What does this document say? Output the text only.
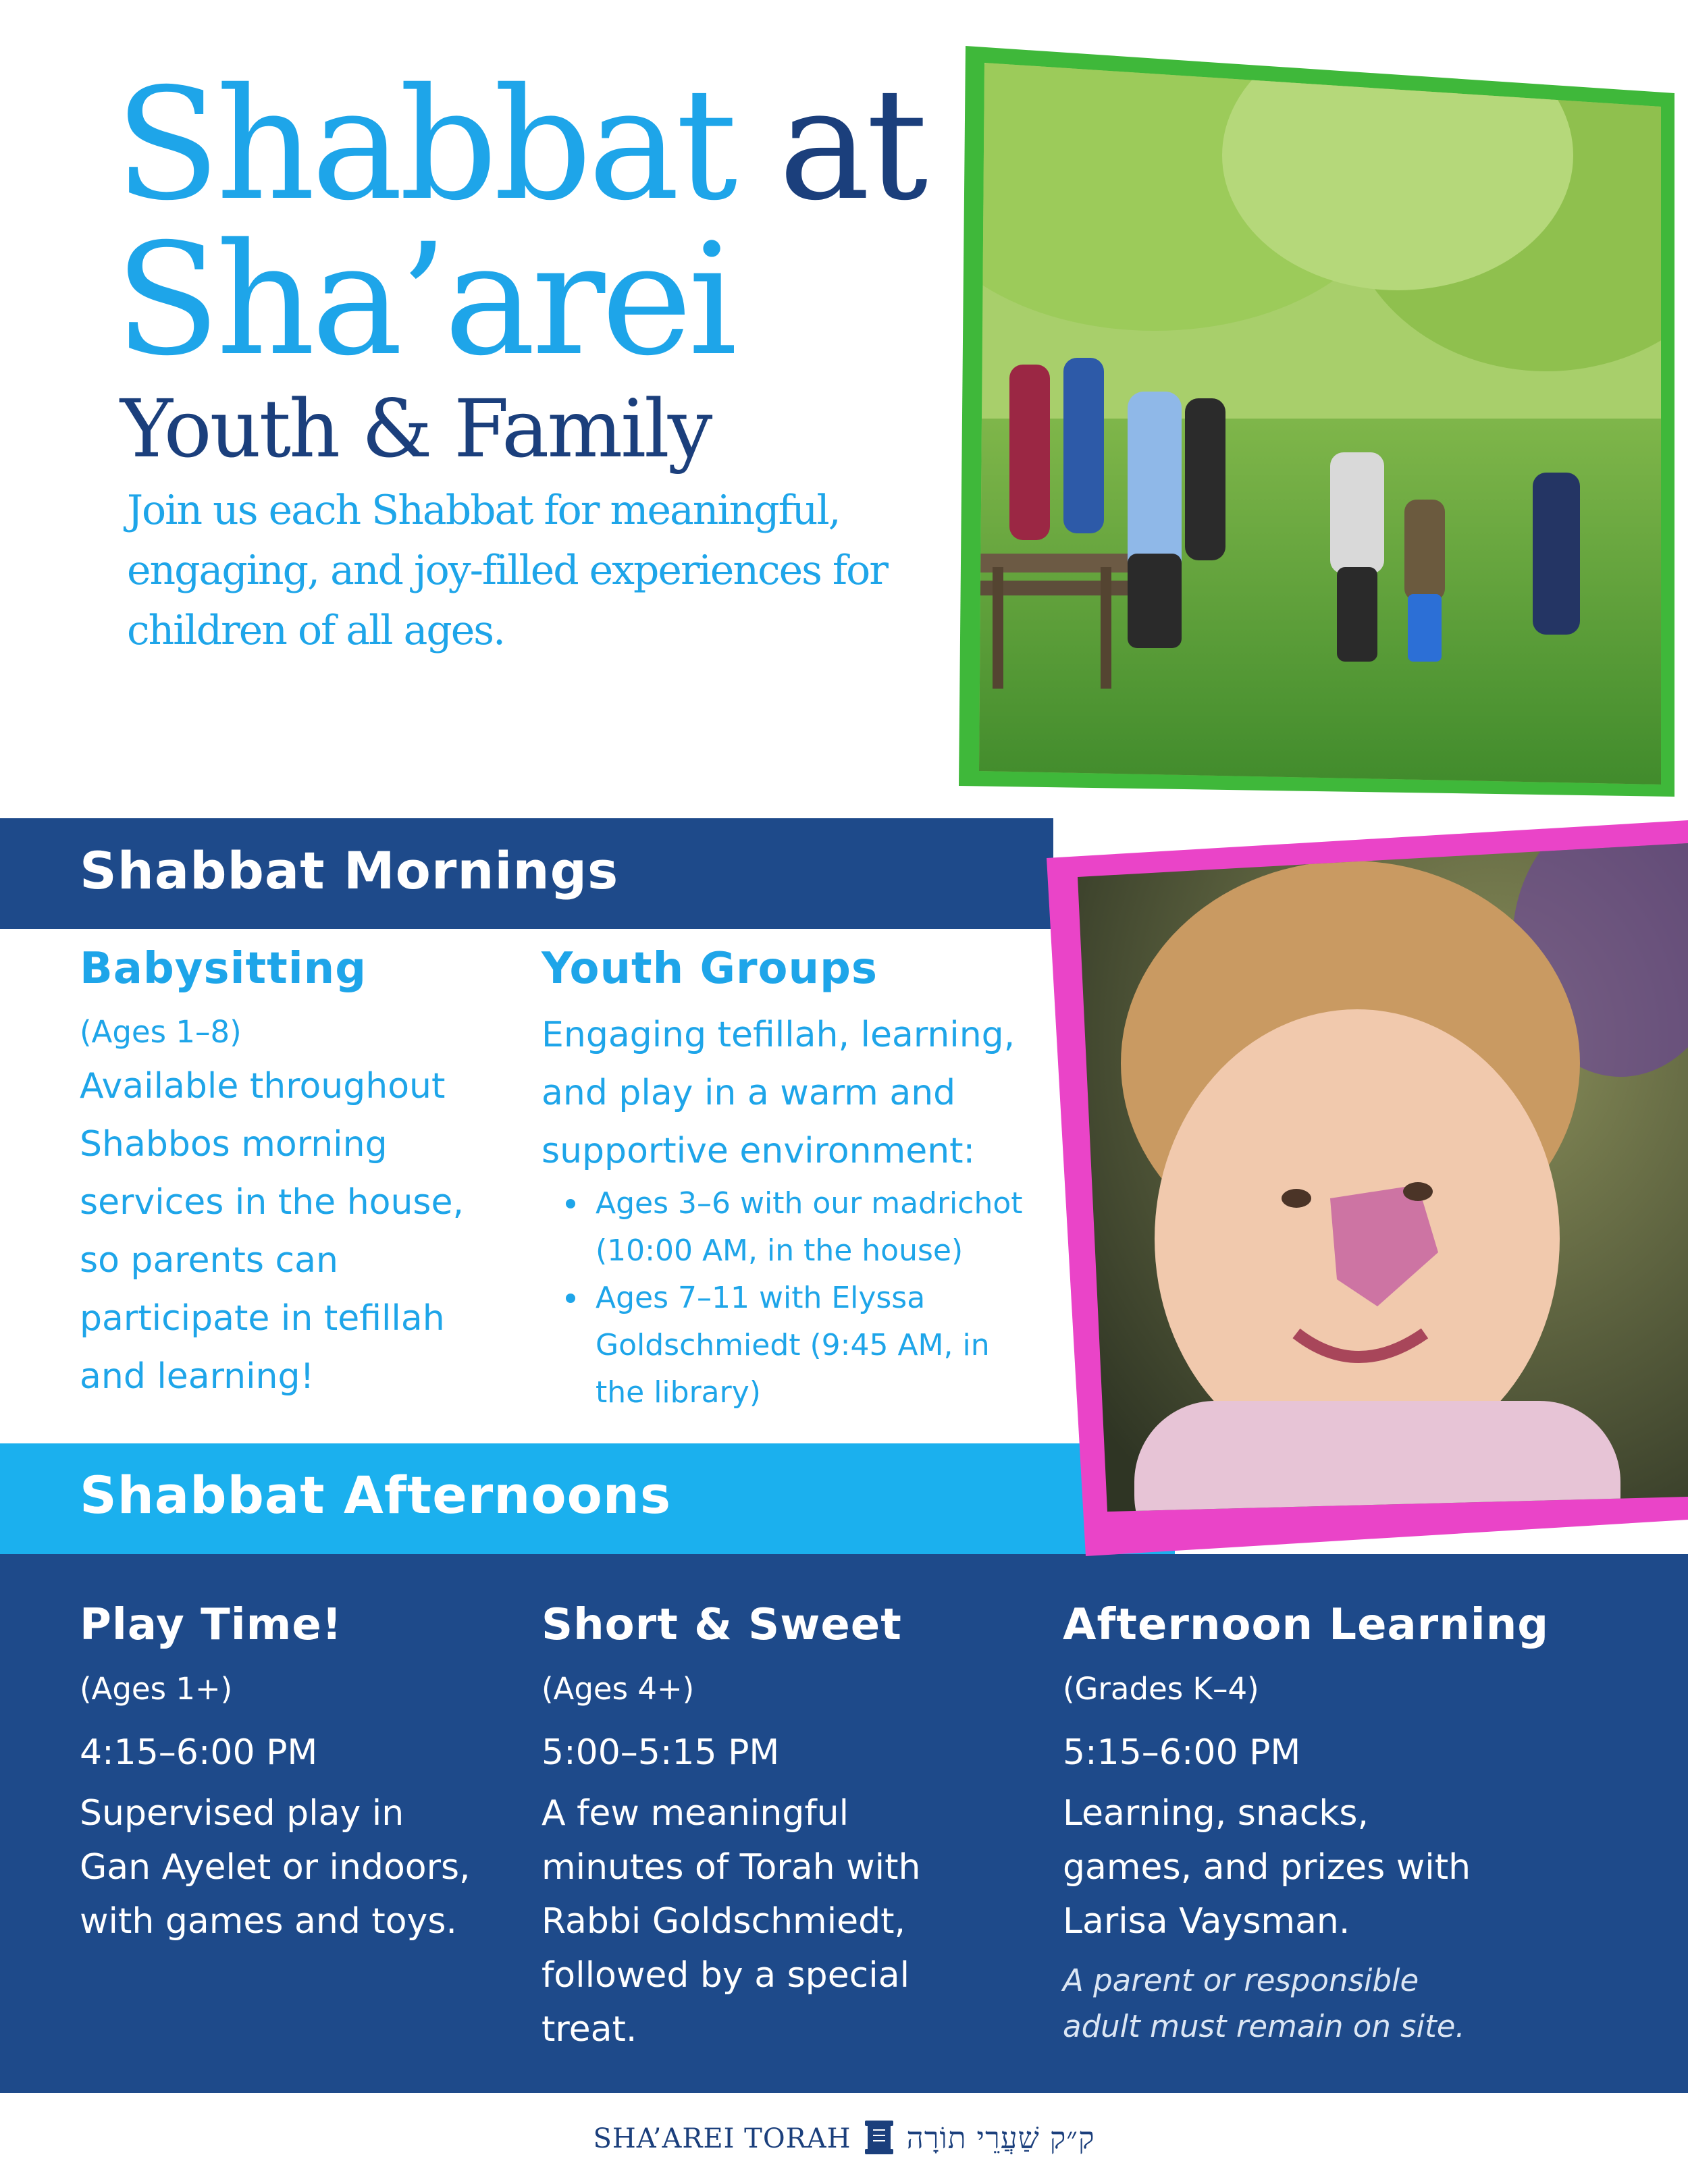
Shabbat at
Sha’arei
Youth & Family
Join us each Shabbat for meaningful, engaging, and joy-filled experiences for children of all ages.
Shabbat Mornings
Babysitting
(Ages 1–8)
Available throughout Shabbos morning services in the house, so parents can participate in tefillah and learning!
Youth Groups
Engaging tefillah, learning, and play in a warm and supportive environment:
Ages 3–6 with our madrichot (10:00 AM, in the house)
Ages 7–11 with Elyssa Goldschmiedt (9:45 AM, in the library)
Shabbat Afternoons
Play Time!
(Ages 1+)
4:15–6:00 PM
Supervised play in Gan Ayelet or indoors, with games and toys.
Short & Sweet
(Ages 4+)
5:00–5:15 PM
A few meaningful minutes of Torah with Rabbi Goldschmiedt, followed by a special treat.
Afternoon Learning
(Grades K–4)
5:15–6:00 PM
Learning, snacks, games, and prizes with Larisa Vaysman.
A parent or responsible adult must remain on site.
SHA’AREI TORAH ק״ק שַׁעֲרֵי תוֹרָה
